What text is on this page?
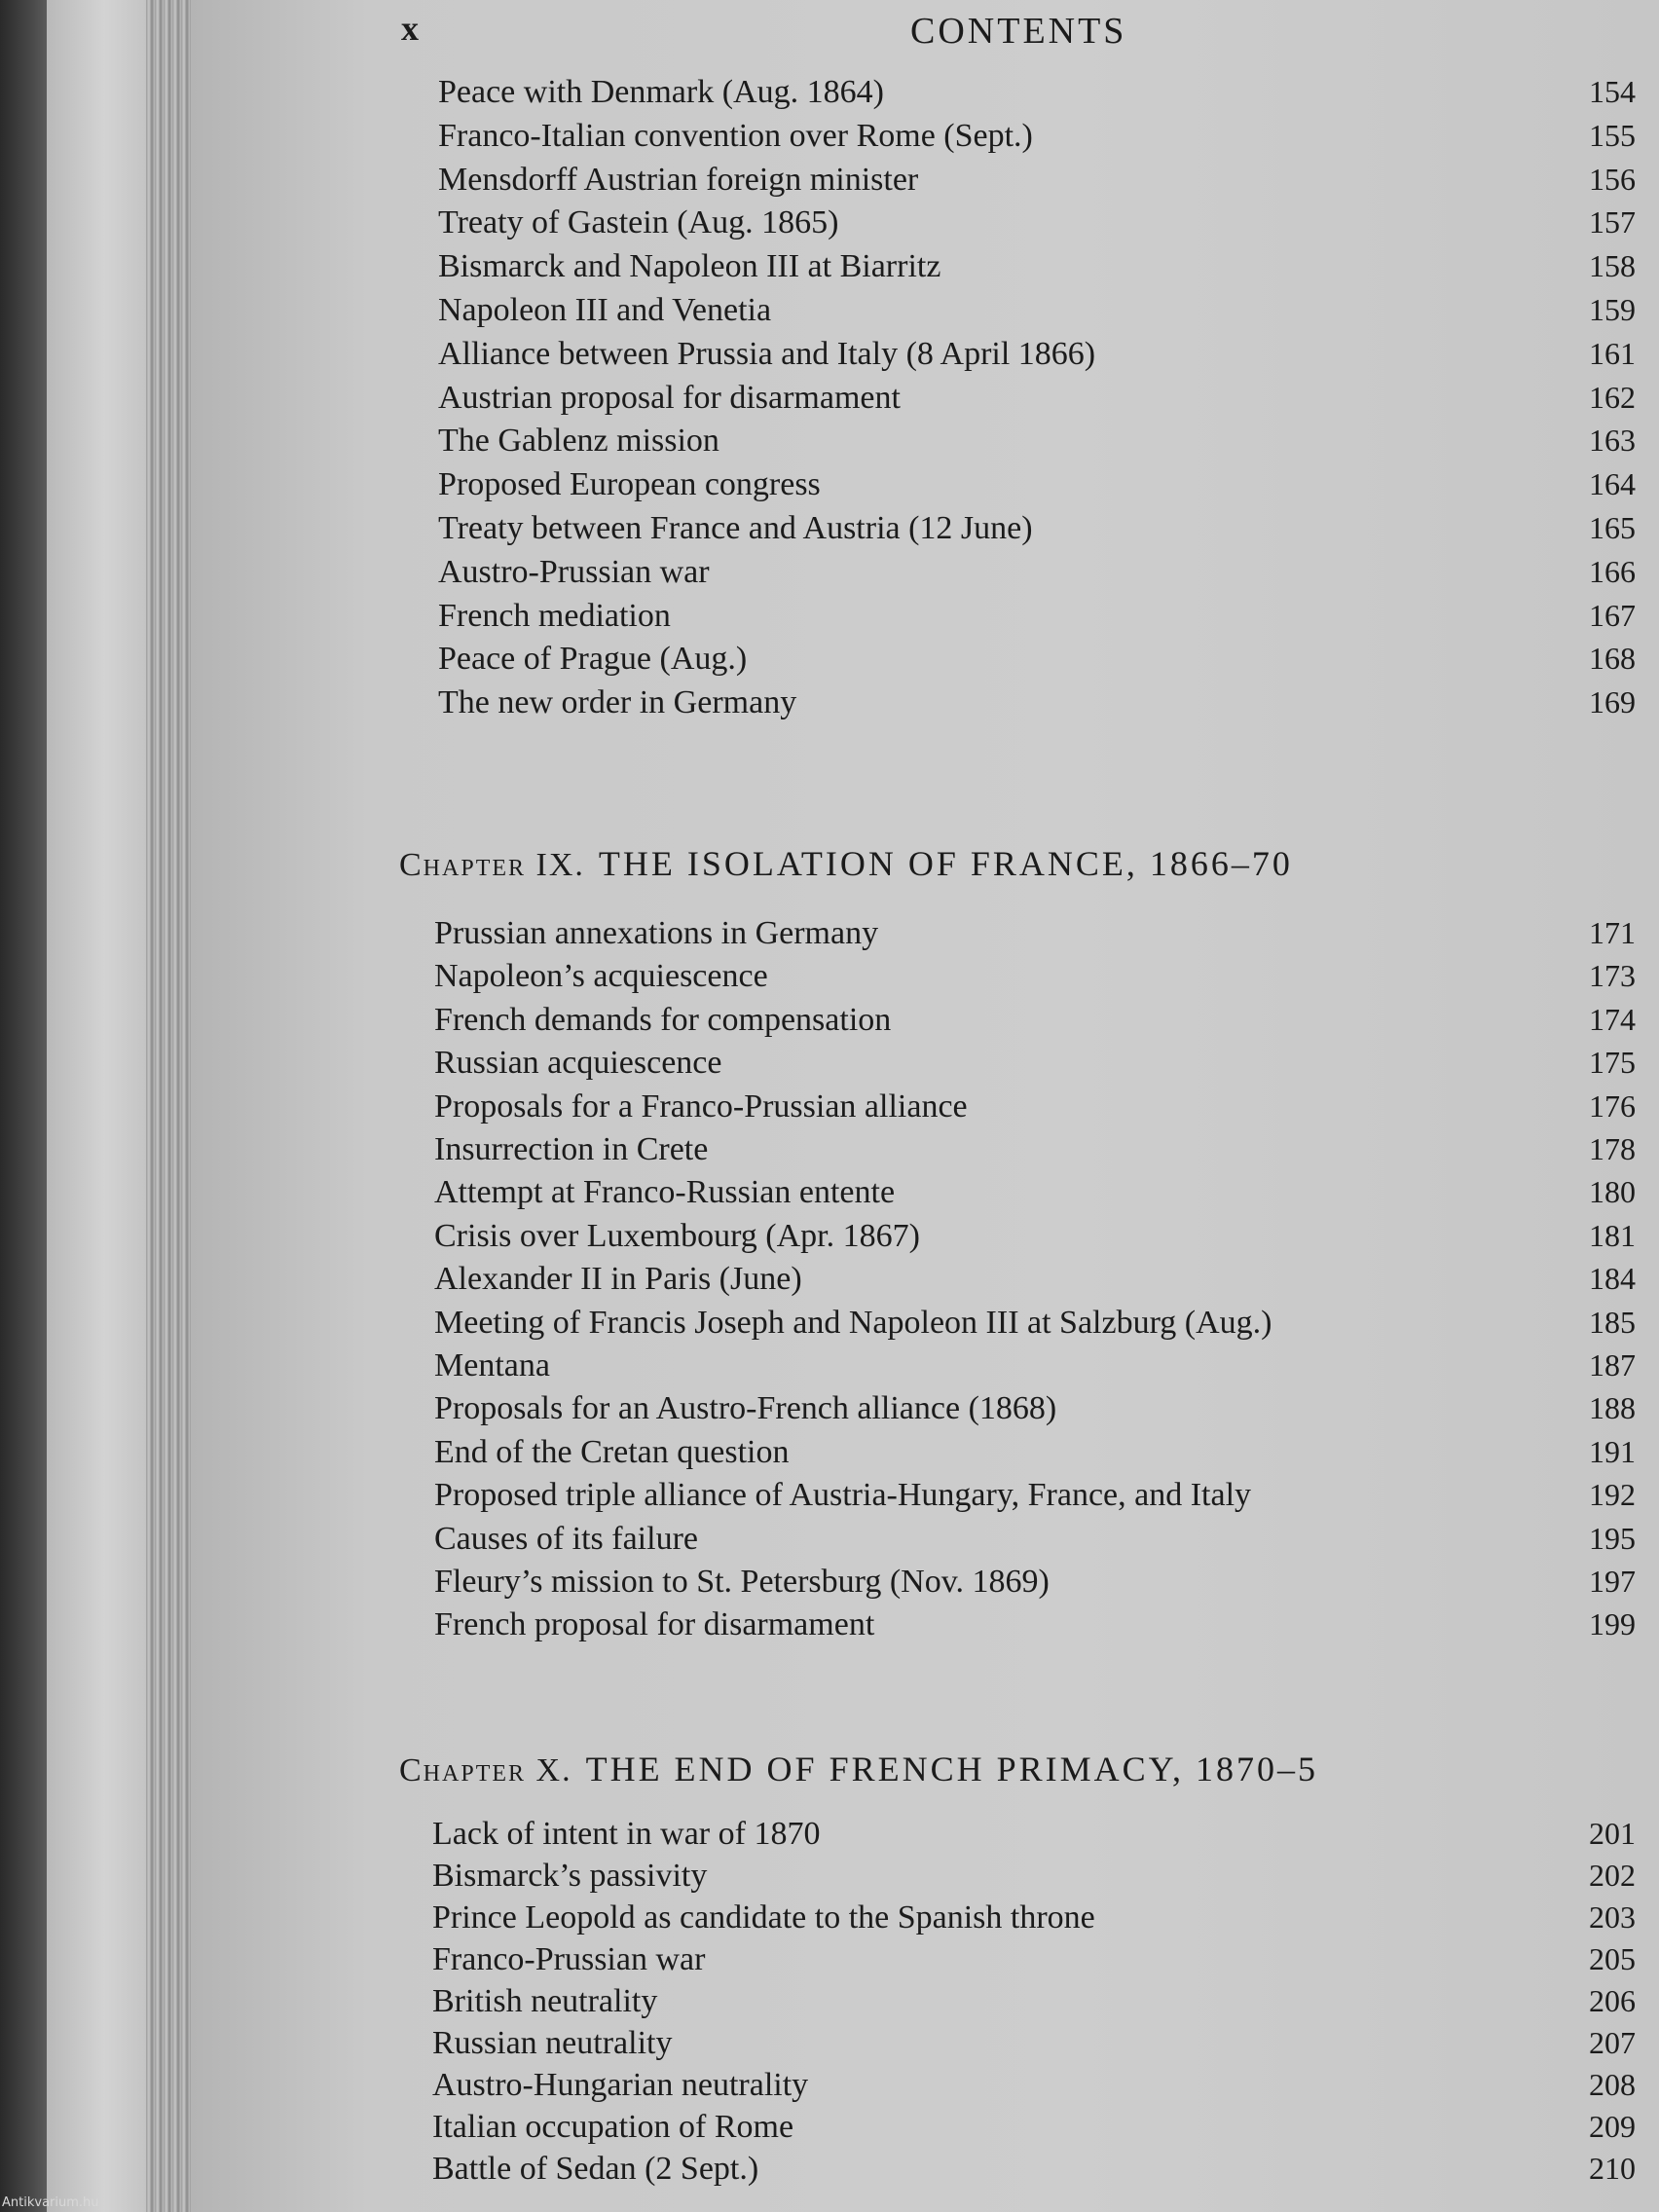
x	CONTENTS
Peace with Denmark (Aug. 1864)	154
Franco-Italian convention over Rome (Sept.)	155
Mensdorff Austrian foreign minister	156
Treaty of Gastein (Aug. 1865)	157
Bismarck and Napoleon III at Biarritz	158
Napoleon III and Venetia	159
Alliance between Prussia and Italy (8 April 1866)	161
Austrian proposal for disarmament	162
The Gablenz mission	163
Proposed European congress	164
Treaty between France and Austria (12 June)	165
Austro-Prussian war	166
French mediation	167
Peace of Prague (Aug.)	168
The new order in Germany	169
Chapter IX. THE ISOLATION OF FRANCE, 1866–70
Prussian annexations in Germany	171
Napoleon’s acquiescence	173
French demands for compensation	174
Russian acquiescence	175
Proposals for a Franco-Prussian alliance	176
Insurrection in Crete	178
Attempt at Franco-Russian entente	180
Crisis over Luxembourg (Apr. 1867)	181
Alexander II in Paris (June)	184
Meeting of Francis Joseph and Napoleon III at Salzburg (Aug.)	185
Mentana	187
Proposals for an Austro-French alliance (1868)	188
End of the Cretan question	191
Proposed triple alliance of Austria-Hungary, France, and Italy	192
Causes of its failure	195
Fleury’s mission to St. Petersburg (Nov. 1869)	197
French proposal for disarmament	199
Chapter X. THE END OF FRENCH PRIMACY, 1870–5
Lack of intent in war of 1870	201
Bismarck’s passivity	202
Prince Leopold as candidate to the Spanish throne	203
Franco-Prussian war	205
British neutrality	206
Russian neutrality	207
Austro-Hungarian neutrality	208
Italian occupation of Rome	209
Battle of Sedan (2 Sept.)	210
Antikvarium.hu
